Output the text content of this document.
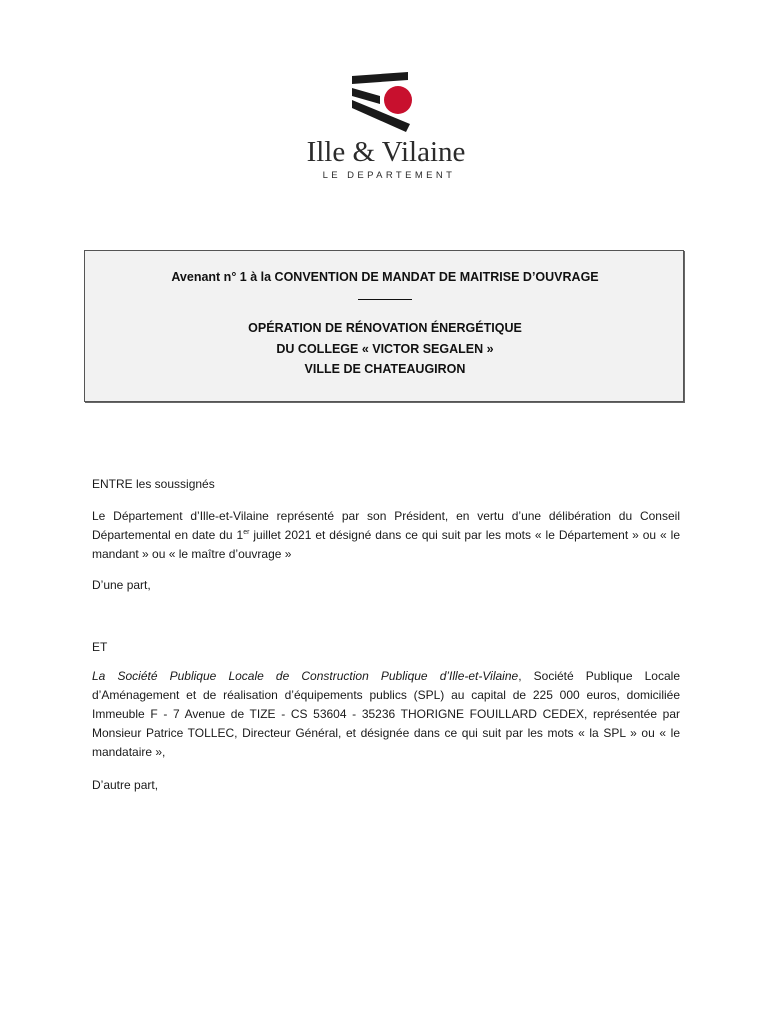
Ille & Vilaine
LE DEPARTEMENT
Avenant n° 1 à la CONVENTION DE MANDAT DE MAITRISE D’OUVRAGE
OPÉRATION DE RÉNOVATION ÉNERGÉTIQUE
DU COLLEGE « VICTOR SEGALEN »
VILLE DE CHATEAUGIRON
ENTRE les soussignés
Le Département d’Ille-et-Vilaine représenté par son Président, en vertu d’une délibération du Conseil Départemental en date du 1er juillet 2021 et désigné dans ce qui suit par les mots « le Département » ou « le mandant » ou « le maître d’ouvrage »
D’une part,
ET
La Société Publique Locale de Construction Publique d’Ille-et-Vilaine, Société Publique Locale d’Aménagement et de réalisation d’équipements publics (SPL) au capital de 225 000 euros, domiciliée Immeuble F - 7 Avenue de TIZE - CS 53604 - 35236 THORIGNE FOUILLARD CEDEX, représentée par Monsieur Patrice TOLLEC, Directeur Général, et désignée dans ce qui suit par les mots « la SPL » ou « le mandataire »,
D’autre part,
